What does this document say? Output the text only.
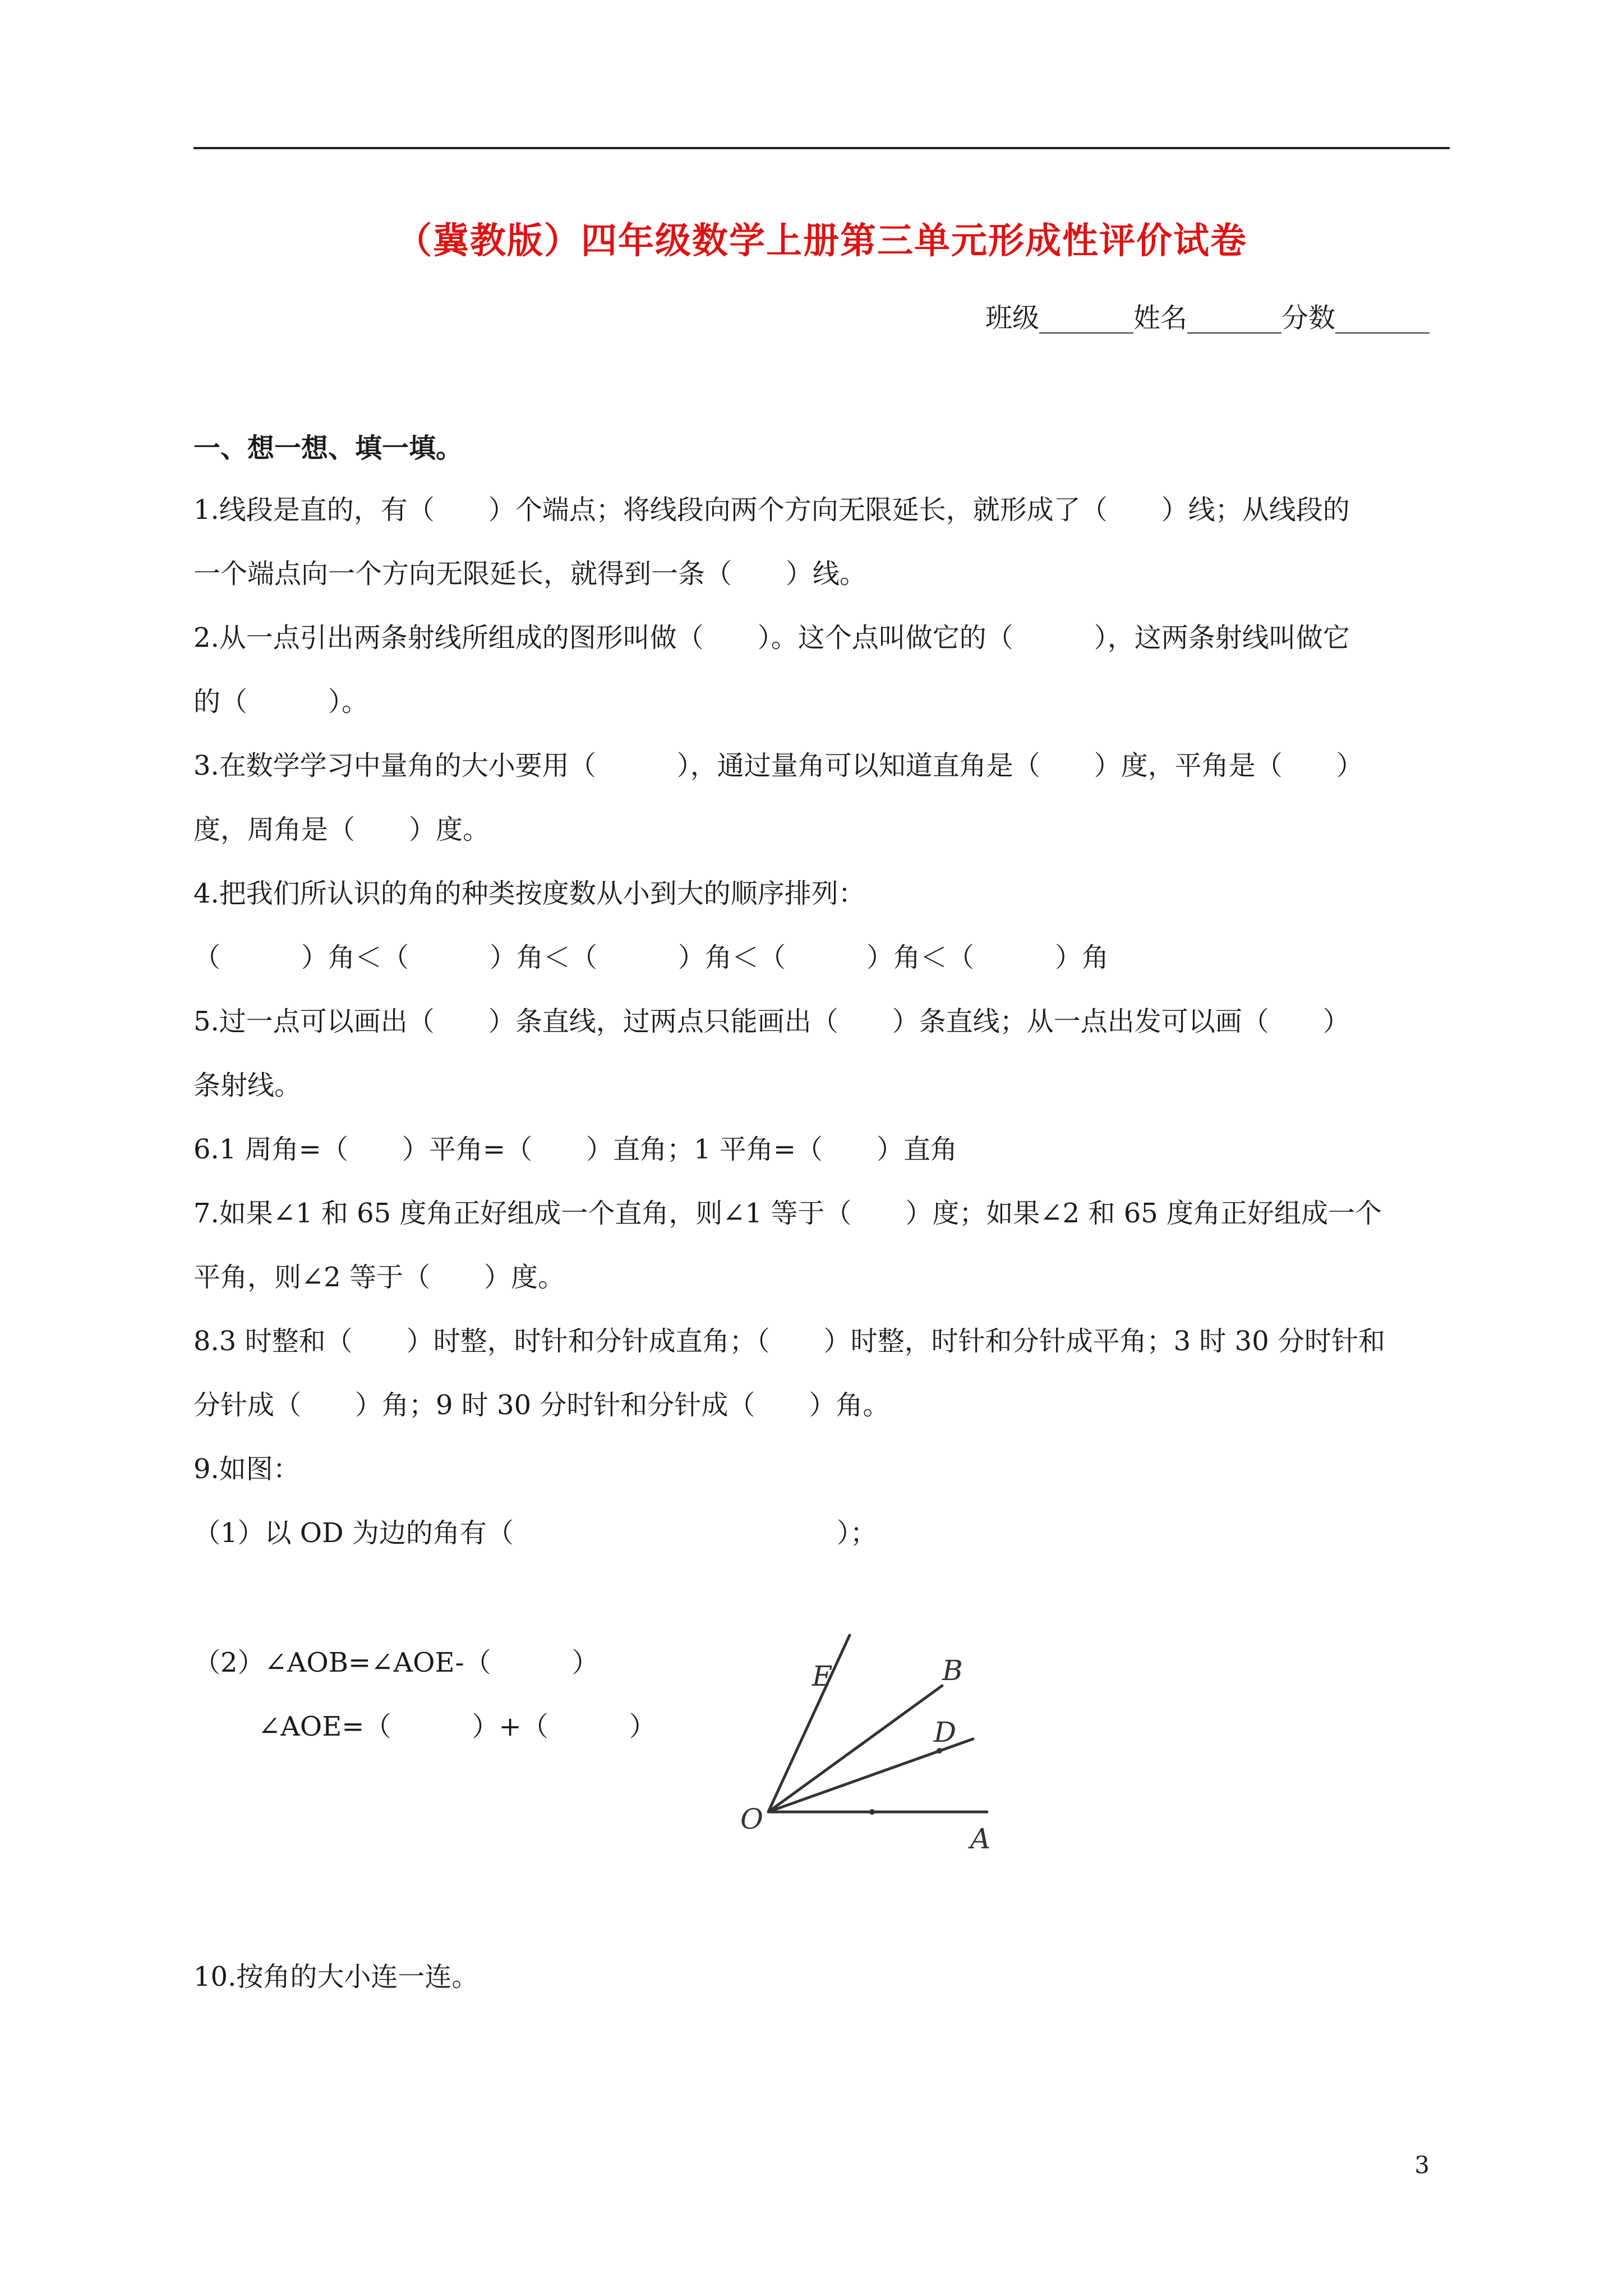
（冀教版）四年级数学上册第三单元形成性评价试卷
班级_______姓名_______分数_______
一、想一想、填一填。
1.线段是直的，有（　　）个端点；将线段向两个方向无限延长，就形成了（　　）线；从线段的
一个端点向一个方向无限延长，就得到一条（　　）线。
2.从一点引出两条射线所组成的图形叫做（　　）。这个点叫做它的（　　　），这两条射线叫做它
的（　　　）。
3.在数学学习中量角的大小要用（　　　），通过量角可以知道直角是（　　）度，平角是（　　）
度，周角是（　　）度。
4.把我们所认识的角的种类按度数从小到大的顺序排列：
（　　　）角＜（　　　）角＜（　　　）角＜（　　　）角＜（　　　）角
5.过一点可以画出（　　）条直线，过两点只能画出（　　）条直线；从一点出发可以画（　　）
条射线。
6.1 周角=（　　）平角=（　　）直角；1 平角=（　　）直角
7.如果∠1 和 65 度角正好组成一个直角，则∠1 等于（　　）度；如果∠2 和 65 度角正好组成一个
平角，则∠2 等于（　　）度。
8.3 时整和（　　）时整，时针和分针成直角；（　　）时整，时针和分针成平角；3 时 30 分时针和
分针成（　　）角；9 时 30 分时针和分针成（　　）角。
9.如图：
（1）以 OD 为边的角有（　　　　　　　　　　　　）；
（2）∠AOB=∠AOE-（　　　）
∠AOE=（　　　）+（　　　）
10.按角的大小连一连。
E	B
D
O
A
3
